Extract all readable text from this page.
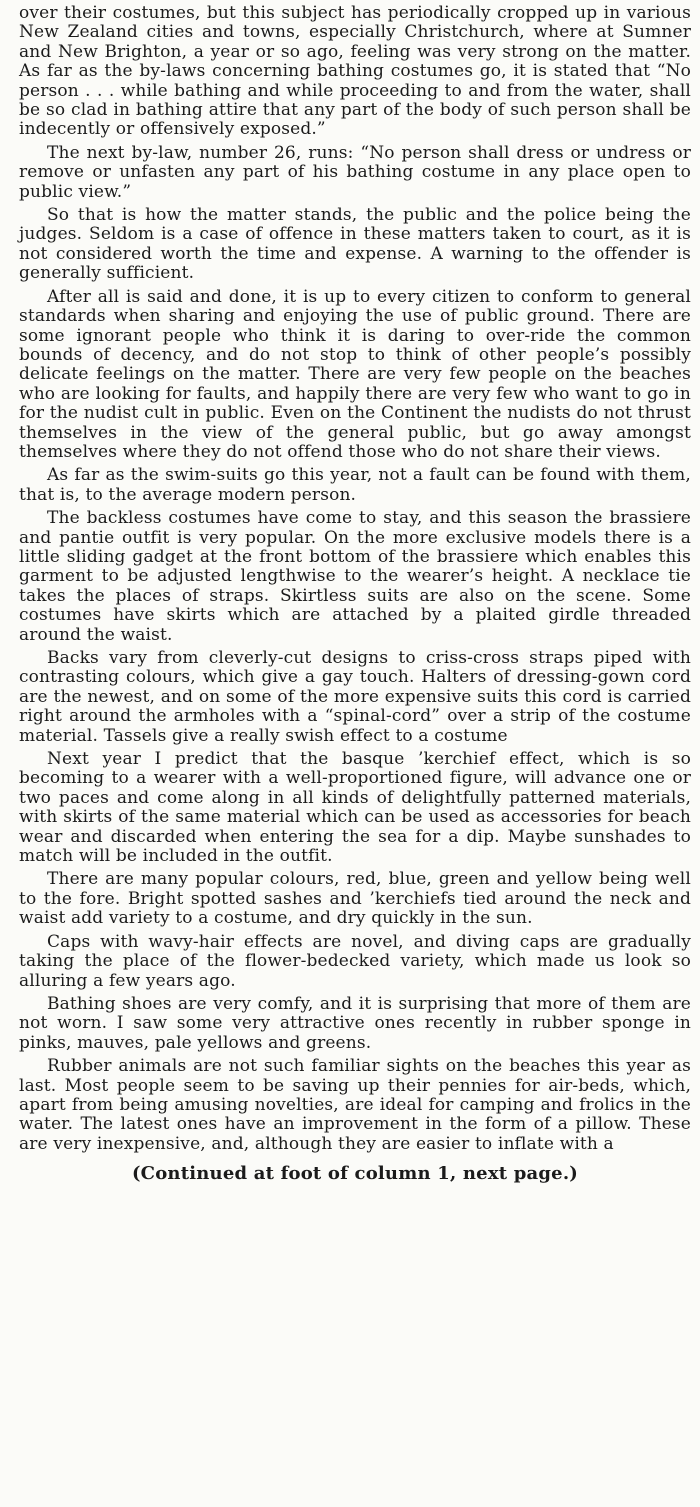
over their costumes, but this subject has periodically cropped up in various New Zealand cities and towns, especially Christchurch, where at Sumner and New Brighton, a year or so ago, feeling was very strong on the matter. As far as the by-laws concerning bathing costumes go, it is stated that “No person . . . while bathing and while proceeding to and from the water, shall be so clad in bathing attire that any part of the body of such person shall be indecently or offensively exposed.”

The next by-law, number 26, runs: “No person shall dress or undress or remove or unfasten any part of his bathing costume in any place open to public view.”

So that is how the matter stands, the public and the police being the judges. Seldom is a case of offence in these matters taken to court, as it is not considered worth the time and expense. A warning to the offender is generally sufficient.

After all is said and done, it is up to every citizen to conform to general standards when sharing and enjoying the use of public ground. There are some ignorant people who think it is daring to over-ride the common bounds of decency, and do not stop to think of other people’s possibly delicate feelings on the matter. There are very few people on the beaches who are looking for faults, and happily there are very few who want to go in for the nudist cult in public. Even on the Continent the nudists do not thrust themselves in the view of the general public, but go away amongst themselves where they do not offend those who do not share their views.

As far as the swim-suits go this year, not a fault can be found with them, that is, to the average modern person.

The backless costumes have come to stay, and this season the brassiere and pantie outfit is very popular. On the more exclusive models there is a little sliding gadget at the front bottom of the brassiere which enables this garment to be adjusted lengthwise to the wearer’s height. A necklace tie takes the places of straps. Skirtless suits are also on the scene. Some costumes have skirts which are attached by a plaited girdle threaded around the waist.

Backs vary from cleverly-cut designs to criss-cross straps piped with contrasting colours, which give a gay touch. Halters of dressing-gown cord are the newest, and on some of the more expensive suits this cord is carried right around the armholes with a “spinal-cord” over a strip of the costume material. Tassels give a really swish effect to a costume

Next year I predict that the basque ’kerchief effect, which is so becoming to a wearer with a well-proportioned figure, will advance one or two paces and come along in all kinds of delightfully patterned materials, with skirts of the same material which can be used as accessories for beach wear and discarded when entering the sea for a dip. Maybe sunshades to match will be included in the outfit.

There are many popular colours, red, blue, green and yellow being well to the fore. Bright spotted sashes and ’kerchiefs tied around the neck and waist add variety to a costume, and dry quickly in the sun.

Caps with wavy-hair effects are novel, and diving caps are gradually taking the place of the flower-bedecked variety, which made us look so alluring a few years ago.

Bathing shoes are very comfy, and it is surprising that more of them are not worn. I saw some very attractive ones recently in rubber sponge in pinks, mauves, pale yellows and greens.

Rubber animals are not such familiar sights on the beaches this year as last. Most people seem to be saving up their pennies for air-beds, which, apart from being amusing novelties, are ideal for camping and frolics in the water. The latest ones have an improvement in the form of a pillow. These are very inexpensive, and, although they are easier to inflate with a

(Continued at foot of column 1, next page.)
